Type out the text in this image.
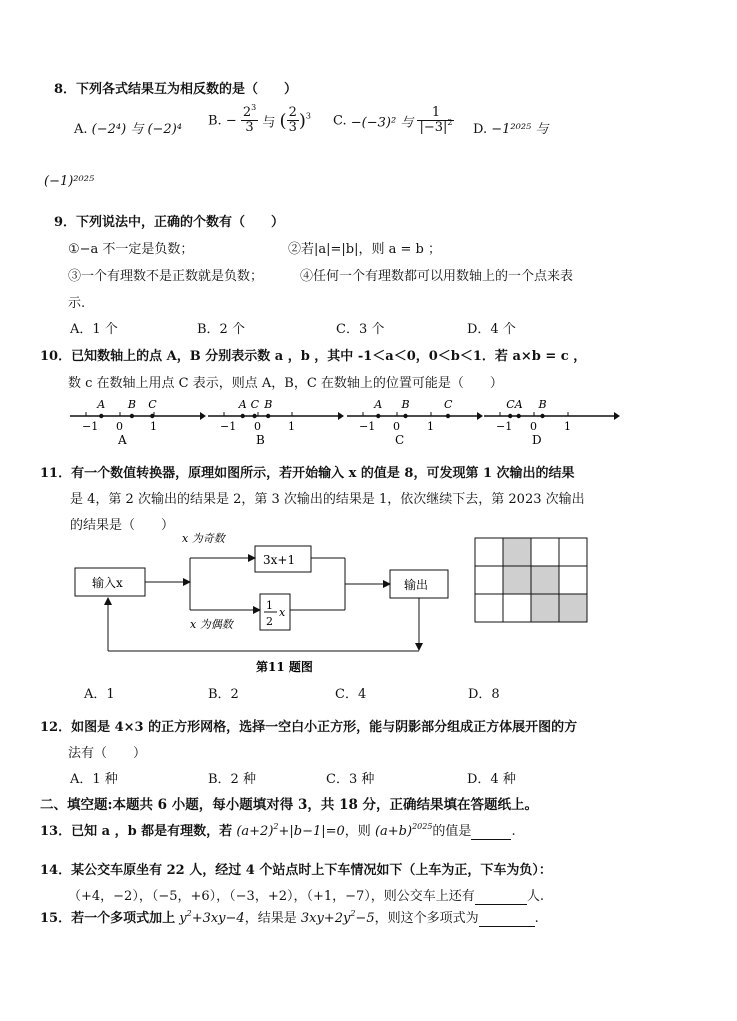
8．下列各式结果互为相反数的是（　　）
A. (−2⁴) 与 (−2)⁴
B. − $\frac{2^3}{3}$ 与 ( $\frac{2}{3} )^3$ C. −(−3)² 与 $\frac{1}{|-3|^2} D$. −1²⁰²⁵ 与
(−1)²⁰²⁵
9．下列说法中，正确的个数有（　　）
①−a 不一定是负数；	②若|a|=|b|，则 a = b ；
③一个有理数不是正数就是负数；	④任何一个有理数都可以用数轴上的一个点来表
示.
A．1 个	B．2 个	C．3 个	D．4 个
10．已知数轴上的点 A，B 分别表示数 a ，b ，其中 -1＜a＜0，0＜b＜1．若 a×b = c ，
数 c 在数轴上用点 C 表示，则点 A，B，C 在数轴上的位置可能是（　　）
−1 0 1
A B C
A
−1 0 1
A C B
B
−1 0 1
A B	C
C
−1 0 1
C A B
D
11．有一个数值转换器，原理如图所示，若开始输入 x 的值是 8，可发现第 1 次输出的结果
是 4，第 2 次输出的结果是 2，第 3 次输出的结果是 1，依次继续下去，第 2023 次输出
的结果是（　　）
输入x
x 为奇数
3x+1
1
2
x
x 为偶数
输出
第11 题图
A．1	B．2	C．4	D．8
12．如图是 4×3 的正方形网格，选择一空白小正方形，能与阴影部分组成正方体展开图的方
法有（　　）
A．1 种	B．2 种	C．3 种	D．4 种
二、填空题:本题共 6 小题，每小题填对得 3，共 18 分，正确结果填在答题纸上。
13．已知 a ，b 都是有理数，若 $(a+2)^2+|b-1|=0$，则 $(a+b)^{2025}$的值是	.
14．某公交车原坐有 22 人，经过 4 个站点时上下车情况如下（上车为正，下车为负）：
（+4，−2），（−5，+6），（−3，+2），（+1，−7），则公交车上还有	人.
15．若一个多项式加上 $y^2+3xy-4$，结果是 $3xy+2y^2-5$，则这个多项式为	.
